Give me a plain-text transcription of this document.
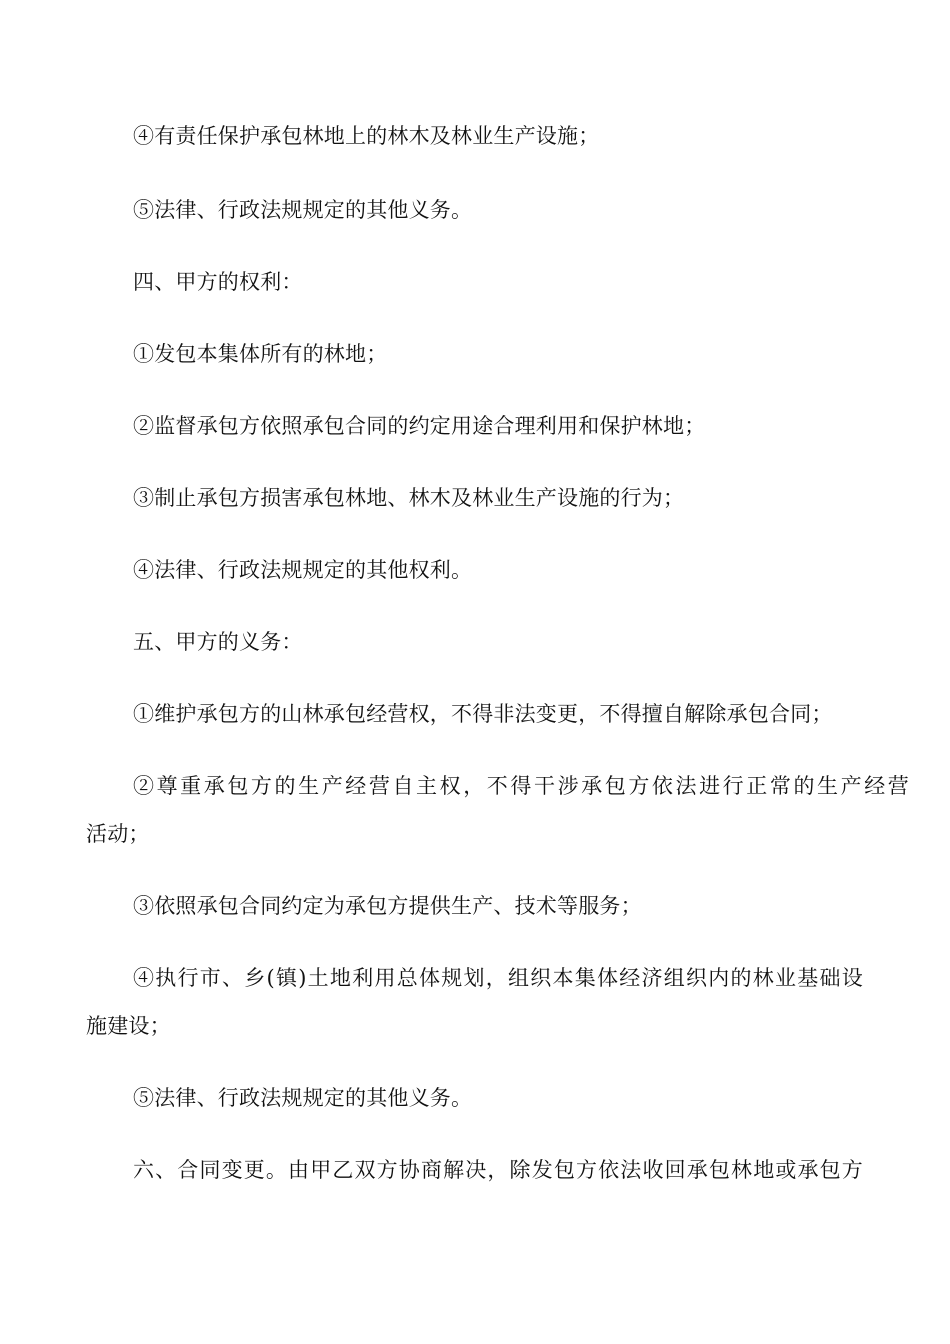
④有责任保护承包林地上的林木及林业生产设施；
⑤法律、行政法规规定的其他义务。
四、甲方的权利：
①发包本集体所有的林地；
②监督承包方依照承包合同的约定用途合理利用和保护林地；
③制止承包方损害承包林地、林木及林业生产设施的行为；
④法律、行政法规规定的其他权利。
五、甲方的义务：
①维护承包方的山林承包经营权，不得非法变更，不得擅自解除承包合同；
②尊重承包方的生产经营自主权，不得干涉承包方依法进行正常的生产经营
活动；
③依照承包合同约定为承包方提供生产、技术等服务；
④执行市、乡(镇)土地利用总体规划，组织本集体经济组织内的林业基础设
施建设；
⑤法律、行政法规规定的其他义务。
六、合同变更。由甲乙双方协商解决，除发包方依法收回承包林地或承包方
